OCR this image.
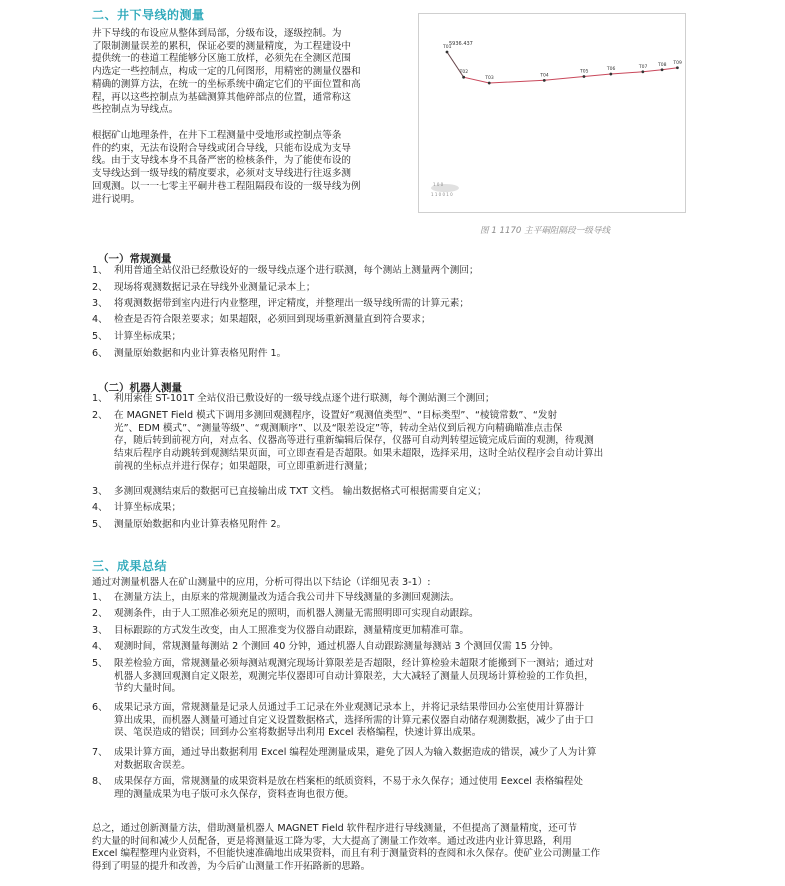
二、井下导线的测量
井下导线的布设应从整体到局部，分级布设，逐级控制。为
了限制测量误差的累积，保证必要的测量精度，为工程建设中
提供统一的巷道工程能够分区施工放样，必须先在全测区范围
内选定一些控制点，构成一定的几何图形，用精密的测量仪器和
精确的测算方法，在统一的坐标系统中确定它们的平面位置和高
程，再以这些控制点为基础测算其他碎部点的位置，通常称这
些控制点为导线点。
根据矿山地理条件，在井下工程测量中受地形或控制点等条
件的约束，无法布设附合导线或闭合导线，只能布设成为支导
线。由于支导线本身不具备严密的检核条件，为了能使布设的
支导线达到一级导线的精度要求，必须对支导线进行往返多测
回观测。以一一七零主平硐井巷工程阻隔段布设的一级导线为例
进行说明。
5936.437
T01
T02
T03
T04
T05	T06	T07 T08 T09
1 0 0
1 1 0 0 1 0
图 1 1170 主平硐阻隔段一级导线
（一）常规测量
1、 利用普通全站仪沿已经敷设好的一级导线点逐个进行联测，每个测站上测量两个测回；
2、 现场将观测数据记录在导线外业测量记录本上；
3、 将观测数据带到室内进行内业整理，评定精度，并整理出一级导线所需的计算元素；
4、 检查是否符合限差要求；如果超限，必须回到现场重新测量直到符合要求；
5、 计算坐标成果；
6、 测量原始数据和内业计算表格见附件 1。
（二）机器人测量
1、 利用索佳 ST-101T 全站仪沿已敷设好的一级导线点逐个进行联测，每个测站测三个测回；
2、 在 MAGNET Field 模式下调用多测回观测程序，设置好“观测值类型”、“目标类型”、“棱镜常数”、“发射
光”、EDM 模式”、“测量等级”、“观测顺序”、以及“限差设定”等，转动全站仪到后视方向精确瞄准点击保
存，随后转到前视方向，对点名、仪器高等进行重新编辑后保存，仪器可自动判转望远镜完成后面的观测，待观测
结束后程序自动跳转到观测结果页面，可立即查看是否超限。如果未超限，选择采用，这时全站仪程序会自动计算出
前视的坐标点并进行保存；如果超限，可立即重新进行测量；
3、 多测回观测结束后的数据可已直接输出成 TXT 文档。 输出数据格式可根据需要自定义；
4、 计算坐标成果；
5、 测量原始数据和内业计算表格见附件 2。
三、成果总结
通过对测量机器人在矿山测量中的应用，分析可得出以下结论（详细见表 3-1）:
1、 在测量方法上，由原来的常规测量改为适合我公司井下导线测量的多测回观测法。
2、 观测条件，由于人工照准必须充足的照明，而机器人测量无需照明即可实现自动跟踪。
3、 目标跟踪的方式发生改变，由人工照准变为仪器自动跟踪，测量精度更加精准可靠。
4、 观测时间，常规测量每测站 2 个测回 40 分钟，通过机器人自动跟踪测量每测站 3 个测回仅需 15 分钟。
5、 限差检验方面，常规测量必须每测站观测完现场计算限差是否超限，经计算检验未超限才能搬到下一测站；通过对
机器人多测回观测自定义限差，观测完毕仪器即可自动计算限差，大大减轻了测量人员现场计算检验的工作负担，
节约大量时间。
6、 成果记录方面，常规测量是记录人员通过手工记录在外业观测记录本上，并将记录结果带回办公室使用计算器计
算出成果，而机器人测量可通过自定义设置数据格式，选择所需的计算元素仪器自动储存观测数据，减少了由于口
误、笔误造成的错误；回到办公室将数据导出利用 Excel 表格编程，快速计算出成果。
7、 成果计算方面，通过导出数据利用 Excel 编程处理测量成果，避免了因人为输入数据造成的错误，减少了人为计算
对数据取舍误差。
8、 成果保存方面，常规测量的成果资料是放在档案柜的纸质资料，不易于永久保存；通过使用 Eexcel 表格编程处
理的测量成果为电子版可永久保存，资料查询也很方便。
总之，通过创新测量方法，借助测量机器人 MAGNET Field 软件程序进行导线测量，不但提高了测量精度，还可节
约大量的时间和减少人员配备，更是将测量返工降为零，大大提高了测量工作效率。通过改进内业计算思路，利用
Excel 编程整理内业资料，不但能快速准确地出成果资料，而且有利于测量资料的查阅和永久保存。使矿业公司测量工作
得到了明显的提升和改善，为今后矿山测量工作开拓路新的思路。
